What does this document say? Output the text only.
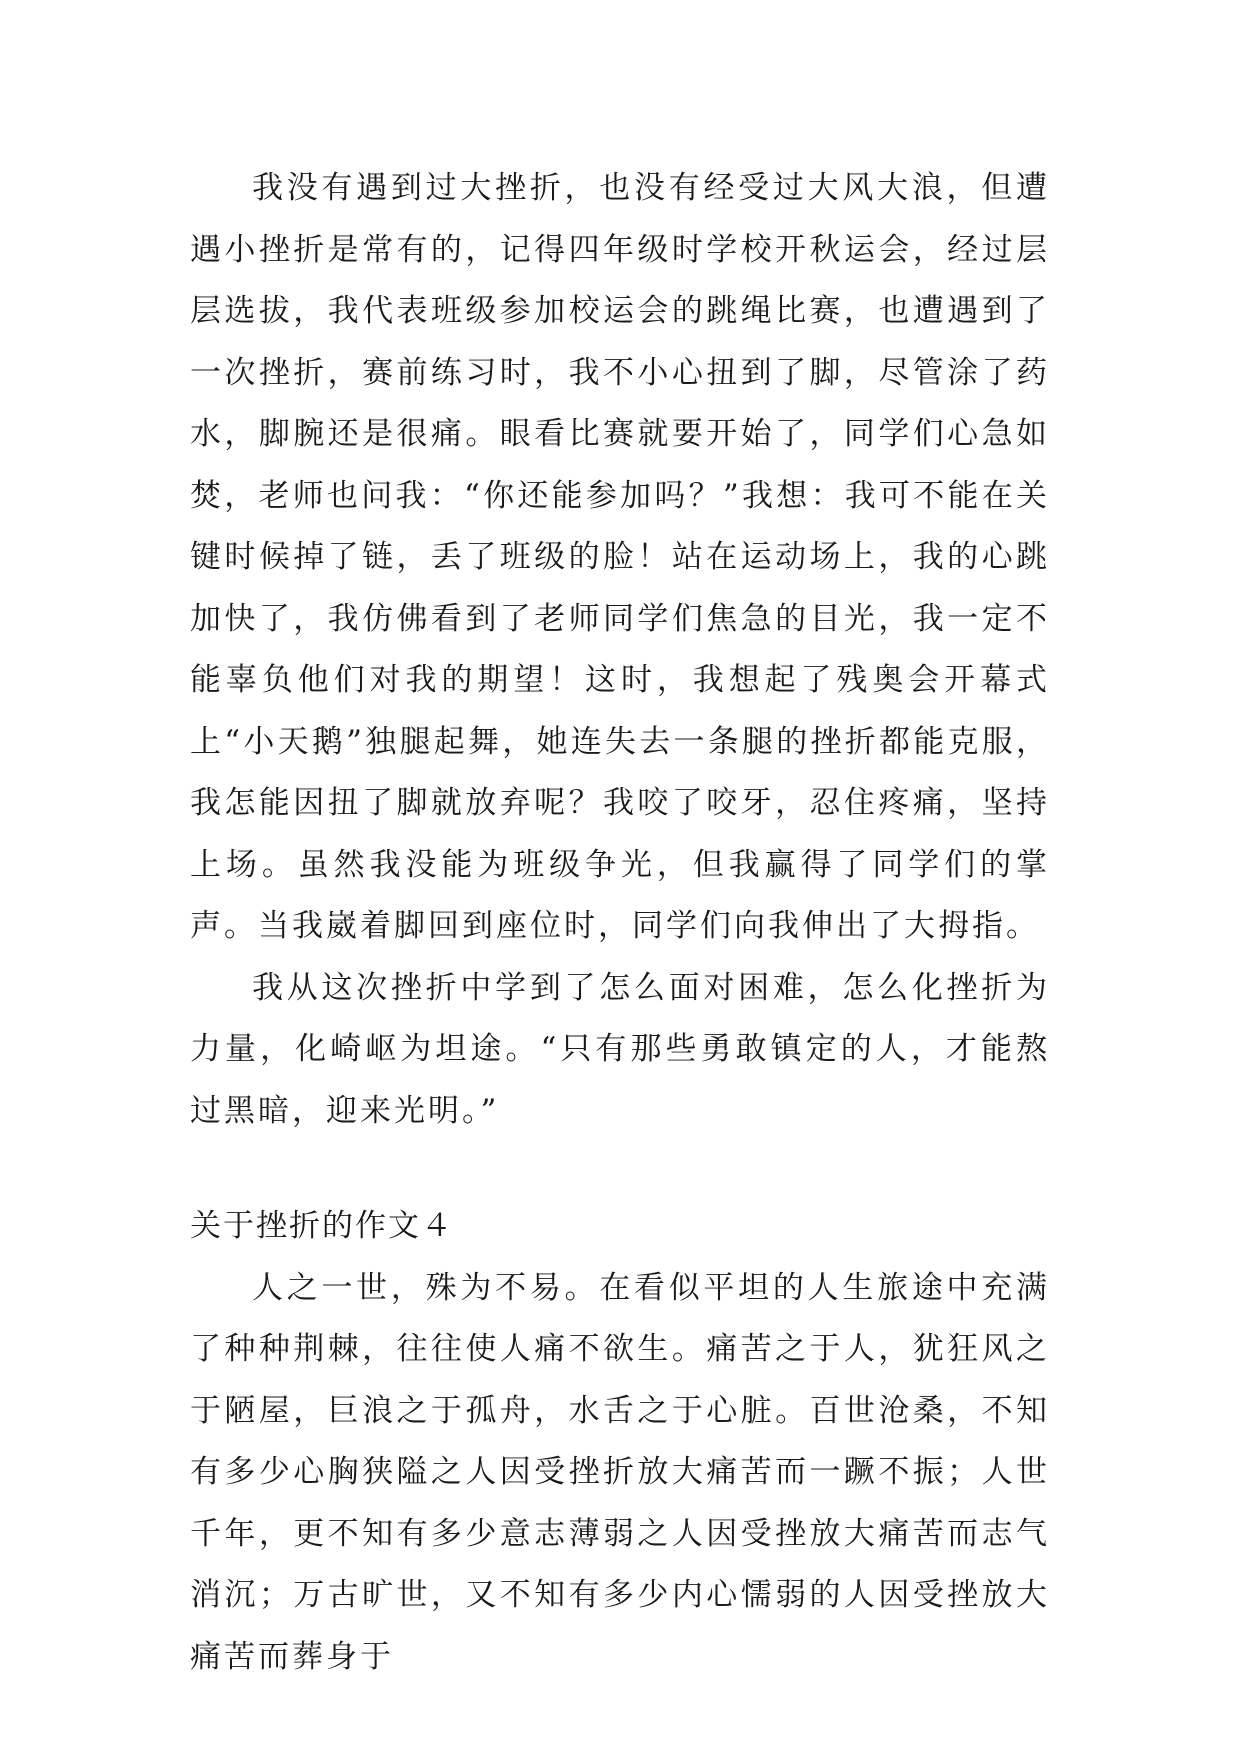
我没有遇到过大挫折，也没有经受过大风大浪，但遭遇小挫折是常有的，记得四年级时学校开秋运会，经过层层选拔，我代表班级参加校运会的跳绳比赛，也遭遇到了一次挫折，赛前练习时，我不小心扭到了脚，尽管涂了药水，脚腕还是很痛。眼看比赛就要开始了，同学们心急如焚，老师也问我：“你还能参加吗？”我想：我可不能在关键时候掉了链，丢了班级的脸！站在运动场上，我的心跳加快了，我仿佛看到了老师同学们焦急的目光，我一定不能辜负他们对我的期望！这时，我想起了残奥会开幕式上“小天鹅”独腿起舞，她连失去一条腿的挫折都能克服，我怎能因扭了脚就放弃呢？我咬了咬牙，忍住疼痛，坚持上场。虽然我没能为班级争光，但我赢得了同学们的掌声。当我崴着脚回到座位时，同学们向我伸出了大拇指。

我从这次挫折中学到了怎么面对困难，怎么化挫折为力量，化崎岖为坦途。“只有那些勇敢镇定的人，才能熬过黑暗，迎来光明。”

关于挫折的作文４

人之一世，殊为不易。在看似平坦的人生旅途中充满了种种荆棘，往往使人痛不欲生。痛苦之于人，犹狂风之于陋屋，巨浪之于孤舟，水舌之于心脏。百世沧桑，不知有多少心胸狭隘之人因受挫折放大痛苦而一蹶不振；人世千年，更不知有多少意志薄弱之人因受挫放大痛苦而志气消沉；万古旷世，又不知有多少内心懦弱的人因受挫放大痛苦而葬身于
